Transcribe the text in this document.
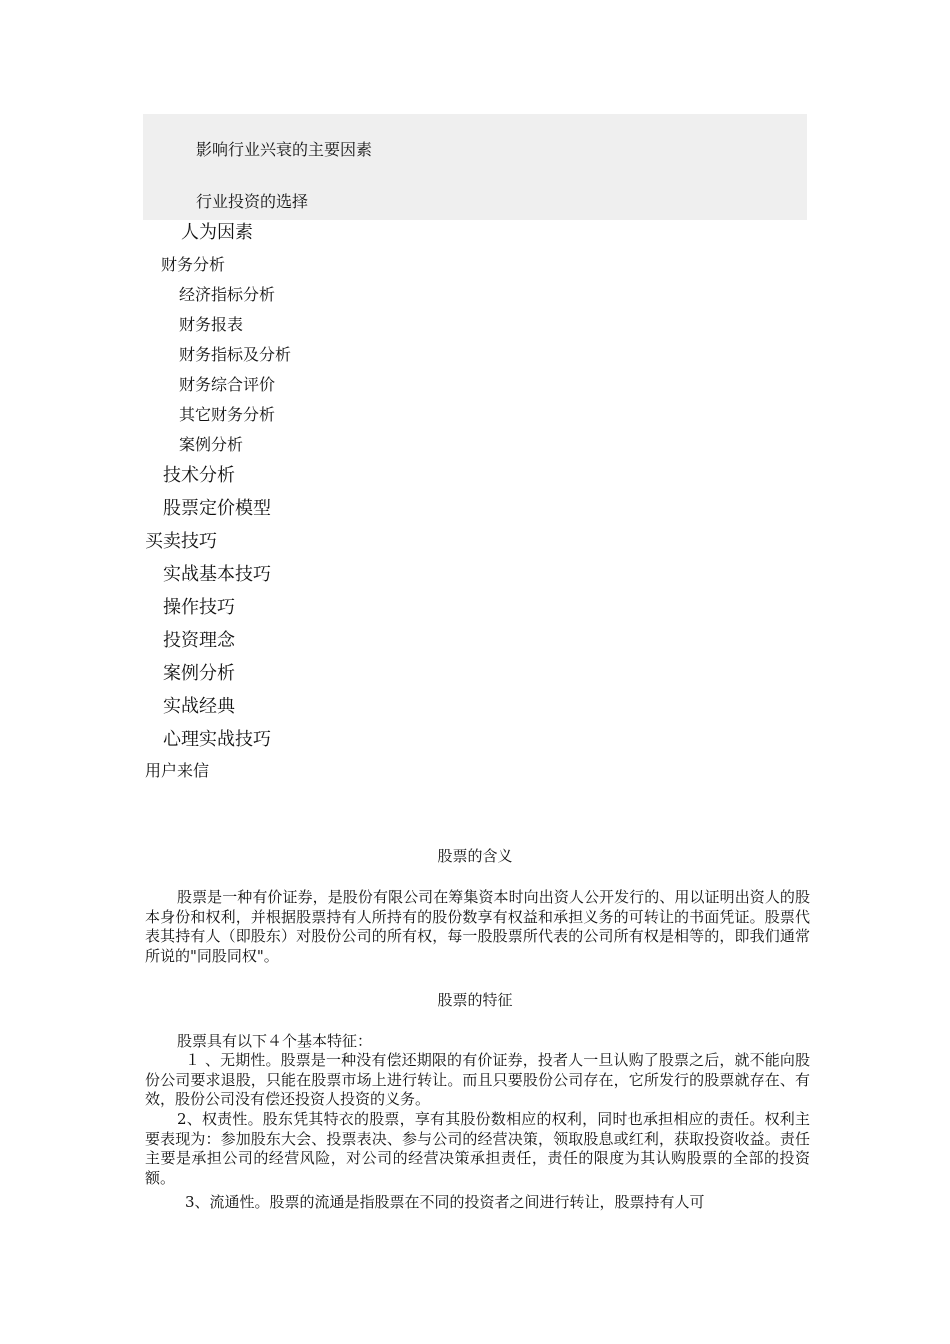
影响行业兴衰的主要因素
行业投资的选择
人为因素
财务分析
经济指标分析
财务报表
财务指标及分析
财务综合评价
其它财务分析
案例分析
技术分析
股票定价模型
买卖技巧
实战基本技巧
操作技巧
投资理念
案例分析
实战经典
心理实战技巧
用户来信
股票的含义

股票是一种有价证券，是股份有限公司在筹集资本时向出资人公开发行的、用以证明出资人的股本身份和权利，并根据股票持有人所持有的股份数享有权益和承担义务的可转让的书面凭证。股票代表其持有人（即股东）对股份公司的所有权，每一股股票所代表的公司所有权是相等的，即我们通常所说的"同股同权"。

股票的特征

股票具有以下４个基本特征：

１ 、无期性。股票是一种没有偿还期限的有价证券，投者人一旦认购了股票之后，就不能向股份公司要求退股，只能在股票市场上进行转让。而且只要股份公司存在，它所发行的股票就存在、有效，股份公司没有偿还投资人投资的义务。

2、权责性。股东凭其特衣的股票，享有其股份数相应的权利，同时也承担相应的责任。权利主要表现为：参加股东大会、投票表决、参与公司的经营决策，领取股息或红利，获取投资收益。责任主要是承担公司的经营风险，对公司的经营决策承担责任，责任的限度为其认购股票的全部的投资额。

3、流通性。股票的流通是指股票在不同的投资者之间进行转让，股票持有人可
